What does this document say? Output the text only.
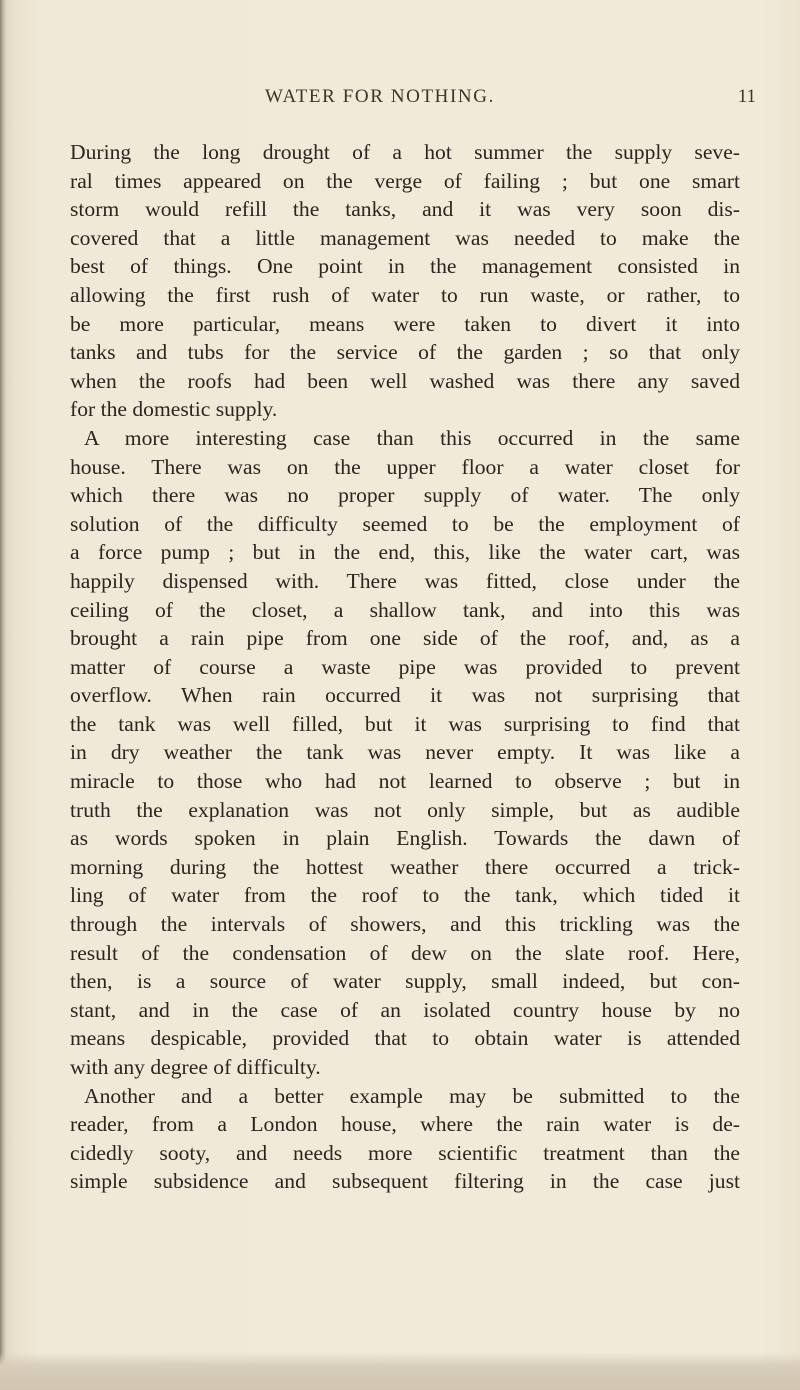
WATER FOR NOTHING.	11
During the long drought of a hot summer the supply seve-
ral times appeared on the verge of failing ; but one smart
storm would refill the tanks, and it was very soon dis-
covered that a little management was needed to make the
best of things. One point in the management consisted in
allowing the first rush of water to run waste, or rather, to
be more particular, means were taken to divert it into
tanks and tubs for the service of the garden ; so that only
when the roofs had been well washed was there any saved
for the domestic supply.
A more interesting case than this occurred in the same
house. There was on the upper floor a water closet for
which there was no proper supply of water. The only
solution of the difficulty seemed to be the employment of
a force pump ; but in the end, this, like the water cart, was
happily dispensed with. There was fitted, close under the
ceiling of the closet, a shallow tank, and into this was
brought a rain pipe from one side of the roof, and, as a
matter of course a waste pipe was provided to prevent
overflow. When rain occurred it was not surprising that
the tank was well filled, but it was surprising to find that
in dry weather the tank was never empty. It was like a
miracle to those who had not learned to observe ; but in
truth the explanation was not only simple, but as audible
as words spoken in plain English. Towards the dawn of
morning during the hottest weather there occurred a trick-
ling of water from the roof to the tank, which tided it
through the intervals of showers, and this trickling was the
result of the condensation of dew on the slate roof. Here,
then, is a source of water supply, small indeed, but con-
stant, and in the case of an isolated country house by no
means despicable, provided that to obtain water is attended
with any degree of difficulty.
Another and a better example may be submitted to the
reader, from a London house, where the rain water is de-
cidedly sooty, and needs more scientific treatment than the
simple subsidence and subsequent filtering in the case just
